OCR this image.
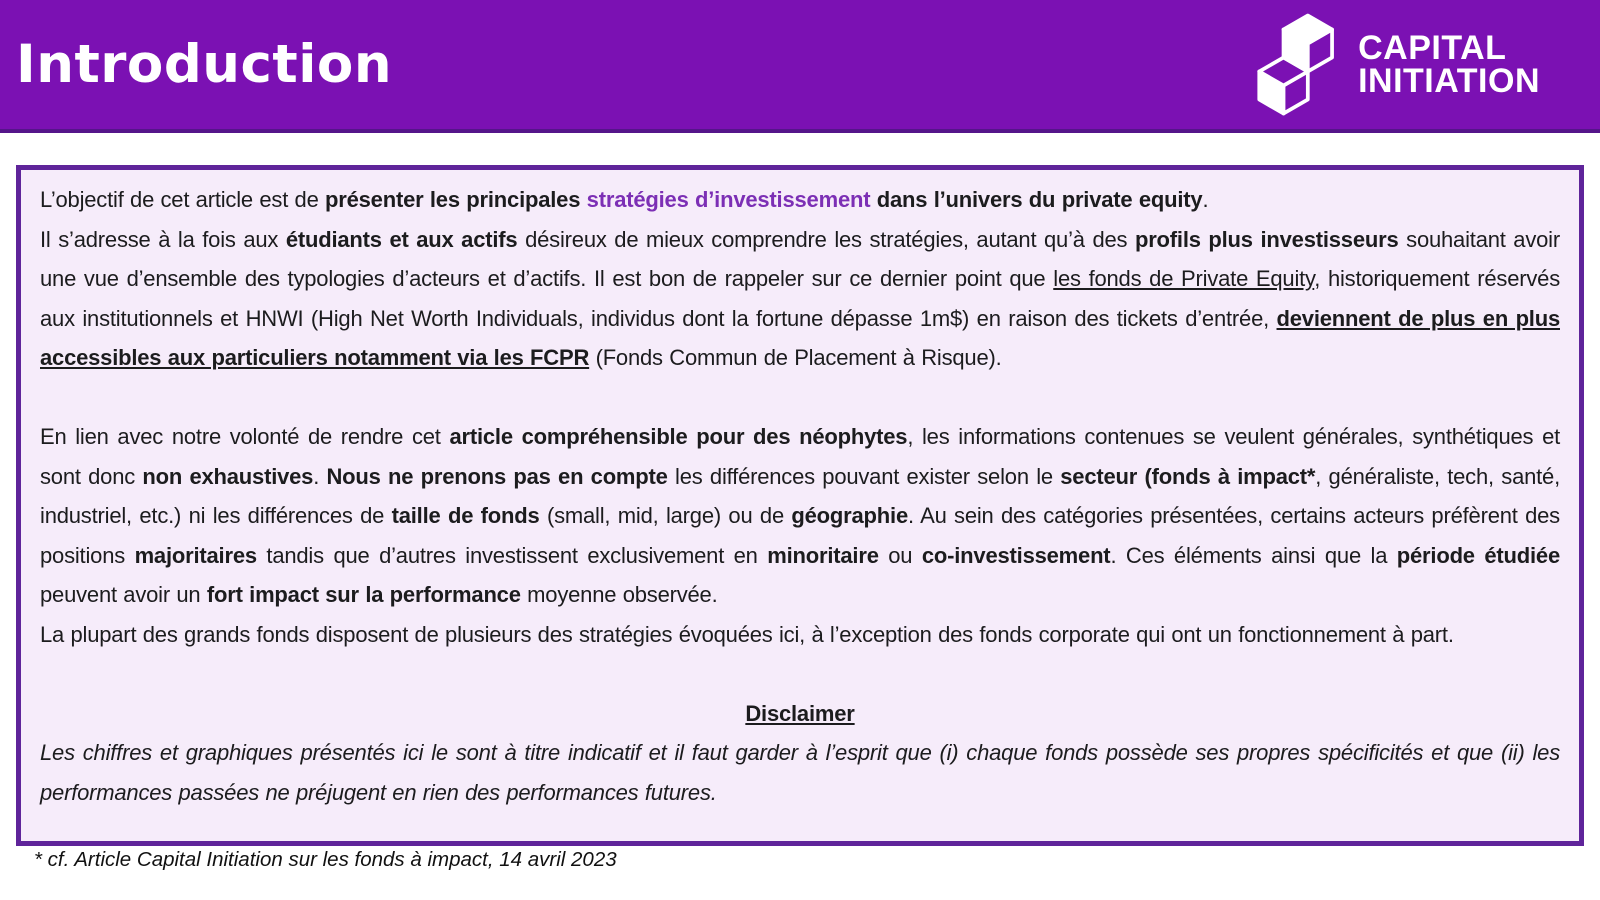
Introduction	CAPITAL
INITIATION

L’objectif de cet article est de présenter les principales stratégies d’investissement dans l’univers du private equity.

Il s’adresse à la fois aux étudiants et aux actifs désireux de mieux comprendre les stratégies, autant qu’à des profils plus investisseurs souhaitant avoir une vue d’ensemble des typologies d’acteurs et d’actifs. Il est bon de rappeler sur ce dernier point que les fonds de Private Equity, historiquement réservés aux institutionnels et HNWI (High Net Worth Individuals, individus dont la fortune dépasse 1m$) en raison des tickets d’entrée, deviennent de plus en plus accessibles aux particuliers notamment via les FCPR (Fonds Commun de Placement à Risque).

En lien avec notre volonté de rendre cet article compréhensible pour des néophytes, les informations contenues se veulent générales, synthétiques et sont donc non exhaustives. Nous ne prenons pas en compte les différences pouvant exister selon le secteur (fonds à impact*, généraliste, tech, santé, industriel, etc.) ni les différences de taille de fonds (small, mid, large) ou de géographie. Au sein des catégories présentées, certains acteurs préfèrent des positions majoritaires tandis que d’autres investissent exclusivement en minoritaire ou co-investissement. Ces éléments ainsi que la période étudiée peuvent avoir un fort impact sur la performance moyenne observée.

La plupart des grands fonds disposent de plusieurs des stratégies évoquées ici, à l’exception des fonds corporate qui ont un fonctionnement à part.

Disclaimer

Les chiffres et graphiques présentés ici le sont à titre indicatif et il faut garder à l’esprit que (i) chaque fonds possède ses propres spécificités et que (ii) les performances passées ne préjugent en rien des performances futures.

* cf. Article Capital Initiation sur les fonds à impact, 14 avril 2023
